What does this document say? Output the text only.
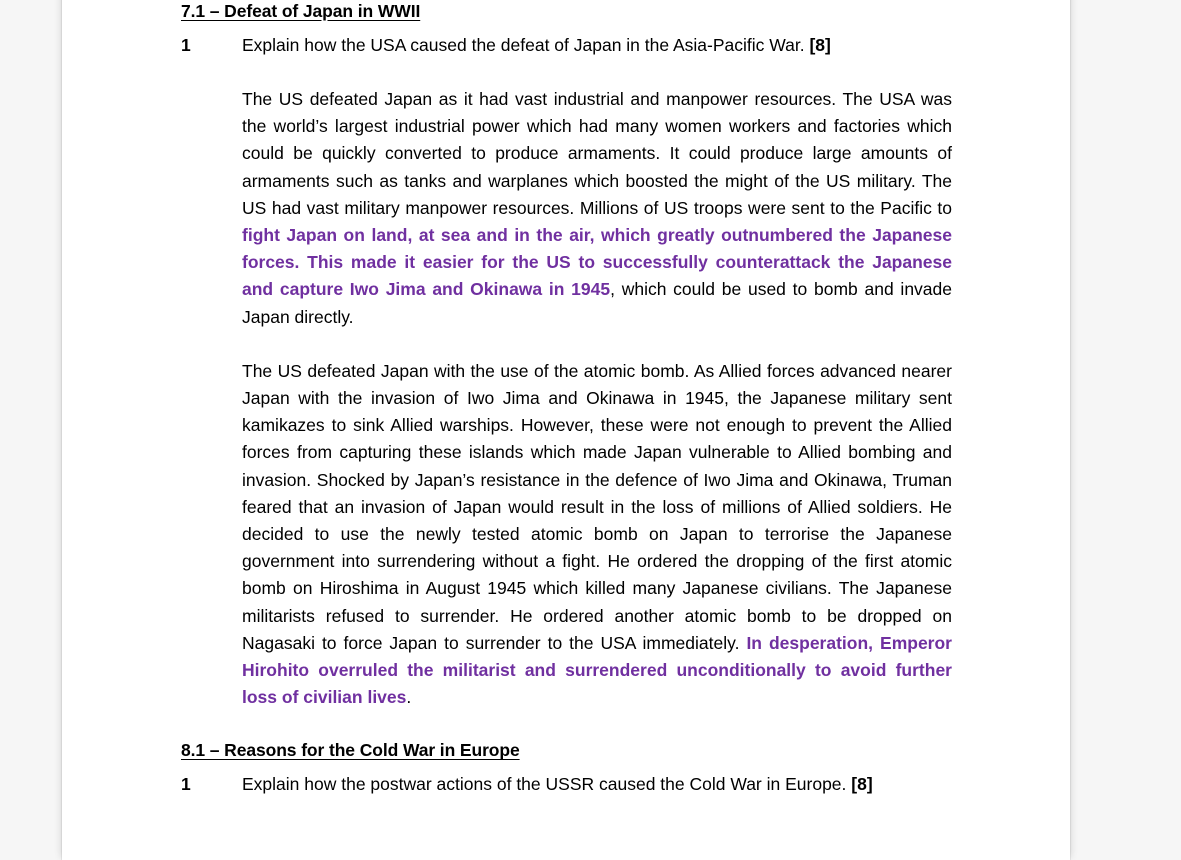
7.1 – Defeat of Japan in WWII
1	Explain how the USA caused the defeat of Japan in the Asia-Pacific War. [8]

The US defeated Japan as it had vast industrial and manpower resources. The USA was the world’s largest industrial power which had many women workers and factories which could be quickly converted to produce armaments. It could produce large amounts of armaments such as tanks and warplanes which boosted the might of the US military. The US had vast military manpower resources. Millions of US troops were sent to the Pacific to fight Japan on land, at sea and in the air, which greatly outnumbered the Japanese forces. This made it easier for the US to successfully counterattack the Japanese and capture Iwo Jima and Okinawa in 1945, which could be used to bomb and invade Japan directly.

The US defeated Japan with the use of the atomic bomb. As Allied forces advanced nearer Japan with the invasion of Iwo Jima and Okinawa in 1945, the Japanese military sent kamikazes to sink Allied warships. However, these were not enough to prevent the Allied forces from capturing these islands which made Japan vulnerable to Allied bombing and invasion. Shocked by Japan’s resistance in the defence of Iwo Jima and Okinawa, Truman feared that an invasion of Japan would result in the loss of millions of Allied soldiers. He decided to use the newly tested atomic bomb on Japan to terrorise the Japanese government into surrendering without a fight. He ordered the dropping of the first atomic bomb on Hiroshima in August 1945 which killed many Japanese civilians. The Japanese militarists refused to surrender. He ordered another atomic bomb to be dropped on Nagasaki to force Japan to surrender to the USA immediately. In desperation, Emperor Hirohito overruled the militarist and surrendered unconditionally to avoid further loss of civilian lives.

8.1 – Reasons for the Cold War in Europe
1	Explain how the postwar actions of the USSR caused the Cold War in Europe. [8]
